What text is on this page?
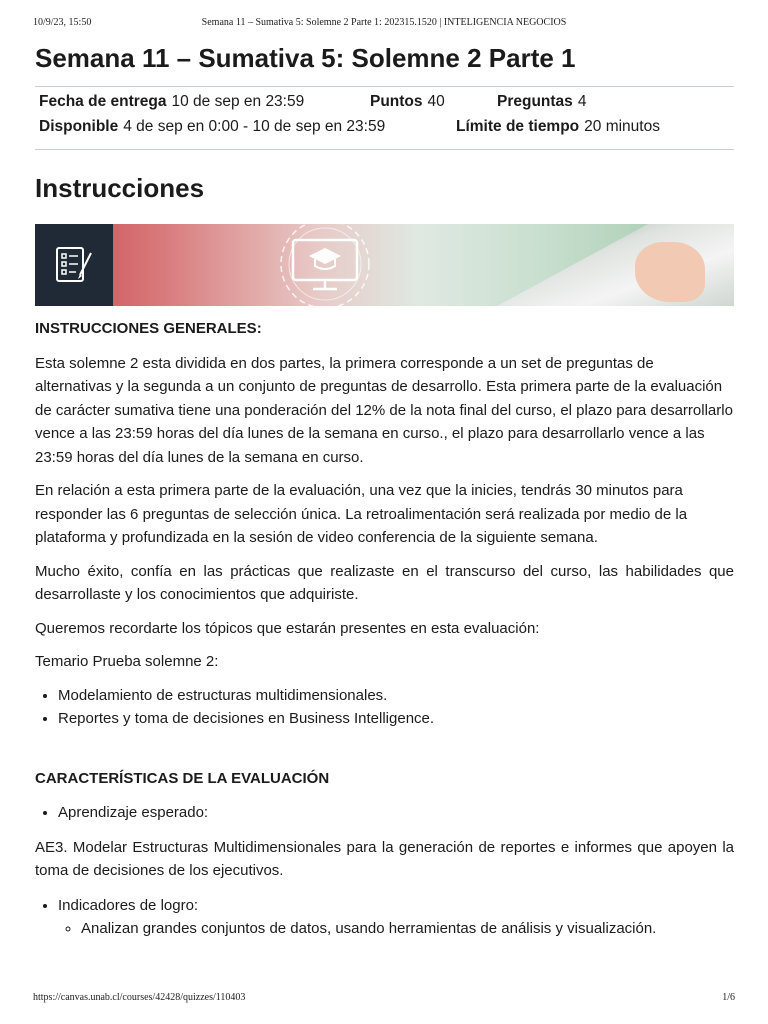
10/9/23, 15:50	Semana 11 – Sumativa 5: Solemne 2 Parte 1: 202315.1520 | INTELIGENCIA NEGOCIOS
Semana 11 – Sumativa 5: Solemne 2 Parte 1
Fecha de entrega 10 de sep en 23:59	Puntos 40	Preguntas 4
Disponible 4 de sep en 0:00 - 10 de sep en 23:59	Límite de tiempo 20 minutos
Instrucciones

INSTRUCCIONES GENERALES:

Esta solemne 2 esta dividida en dos partes, la primera corresponde a un set de preguntas de alternativas y la segunda a un conjunto de preguntas de desarrollo. Esta primera parte de la evaluación de carácter sumativa tiene una ponderación del 12% de la nota final del curso, el plazo para desarrollarlo vence a las 23:59 horas del día lunes de la semana en curso., el plazo para desarrollarlo vence a las 23:59 horas del día lunes de la semana en curso.

En relación a esta primera parte de la evaluación, una vez que la inicies, tendrás 30 minutos para responder las 6 preguntas de selección única. La retroalimentación será realizada por medio de la plataforma y profundizada en la sesión de video conferencia de la siguiente semana.

Mucho éxito, confía en las prácticas que realizaste en el transcurso del curso, las habilidades que desarrollaste y los conocimientos que adquiriste.

Queremos recordarte los tópicos que estarán presentes en esta evaluación:

Temario Prueba solemne 2:

• Modelamiento de estructuras multidimensionales.
• Reportes y toma de decisiones en Business Intelligence.

CARACTERÍSTICAS DE LA EVALUACIÓN

• Aprendizaje esperado:

AE3. Modelar Estructuras Multidimensionales para la generación de reportes e informes que apoyen la toma de decisiones de los ejecutivos.

• Indicadores de logro:
◦ Analizan grandes conjuntos de datos, usando herramientas de análisis y visualización.
https://canvas.unab.cl/courses/42428/quizzes/110403	1/6
